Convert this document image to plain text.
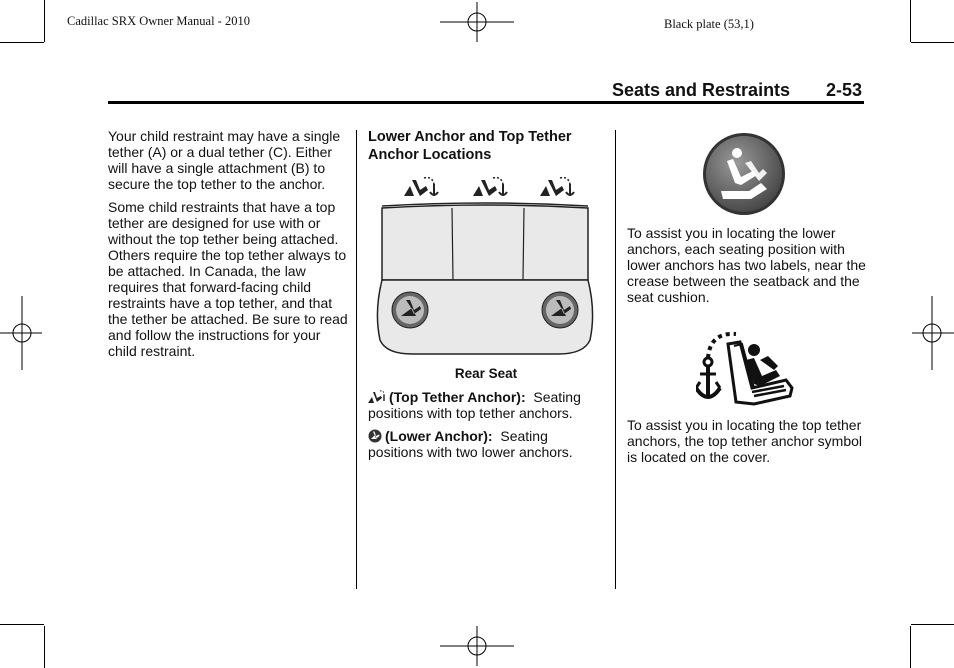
Cadillac SRX Owner Manual - 2010	Black plate (53,1)
Seats and Restraints 2-53

Your child restraint may have a single tether (A) or a dual tether (C). Either will have a single attachment (B) to secure the top tether to the anchor.

Some child restraints that have a top tether are designed for use with or without the top tether being attached. Others require the top tether always to be attached. In Canada, the law requires that forward-facing child restraints have a top tether, and that the tether be attached. Be sure to read and follow the instructions for your child restraint.

Lower Anchor and Top Tether Anchor Locations
Rear Seat

(Top Tether Anchor): Seating positions with top tether anchors.

(Lower Anchor): Seating positions with two lower anchors.

To assist you in locating the lower anchors, each seating position with lower anchors has two labels, near the crease between the seatback and the seat cushion.

To assist you in locating the top tether anchors, the top tether anchor symbol is located on the cover.
